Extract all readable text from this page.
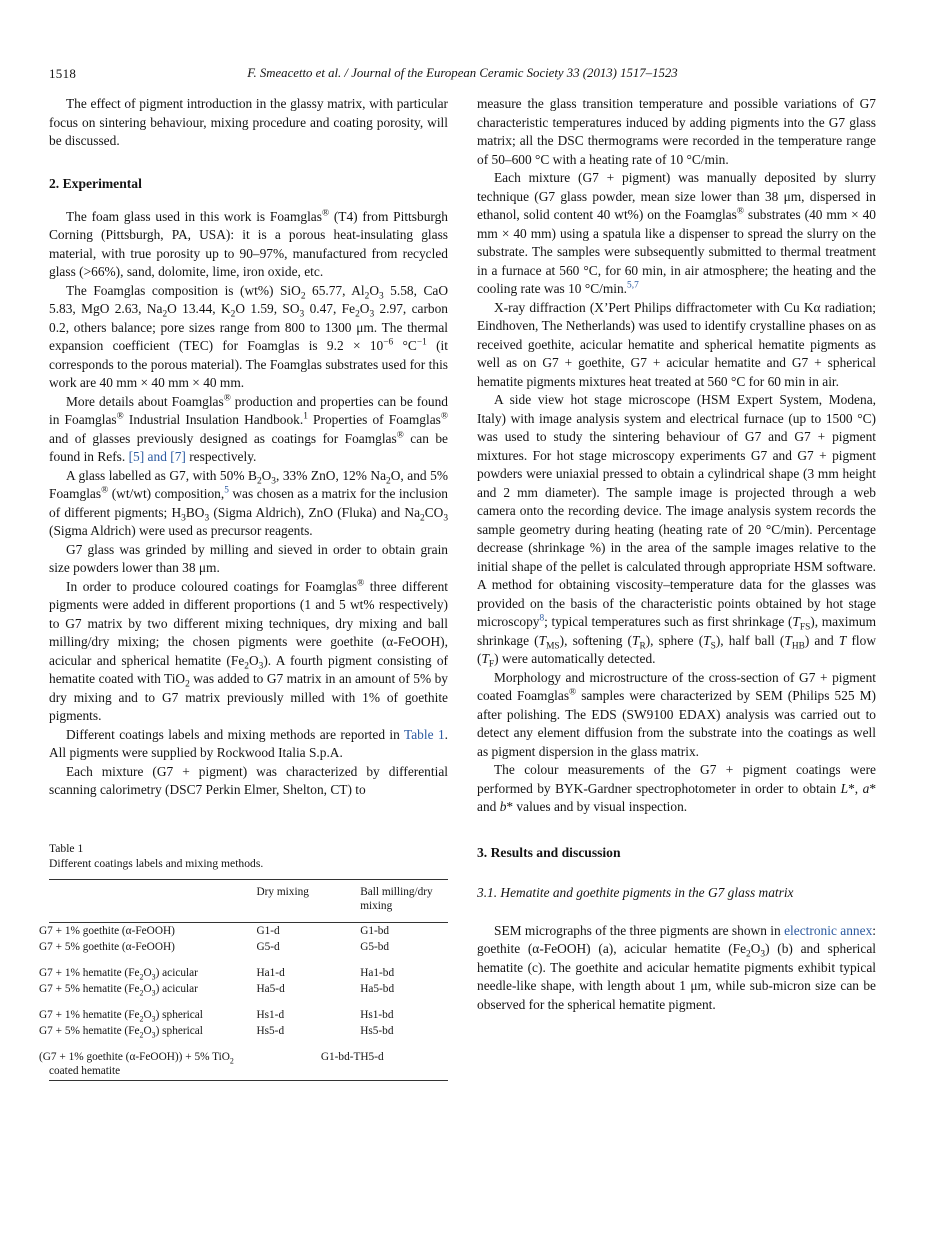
1518	F. Smeacetto et al. / Journal of the European Ceramic Society 33 (2013) 1517–1523

The effect of pigment introduction in the glassy matrix, with particular focus on sintering behaviour, mixing procedure and coating porosity, will be discussed.

2. Experimental

The foam glass used in this work is Foamglas® (T4) from Pittsburgh Corning (Pittsburgh, PA, USA): it is a porous heat-insulating glass material, with true porosity up to 90–97%, manufactured from recycled glass (>66%), sand, dolomite, lime, iron oxide, etc.

The Foamglas composition is (wt%) SiO$_2$ 65.77, $Al_2O_3$ 5.58, CaO 5.83, MgO 2.63, $Na_2O$ 13.44, $K_2O$ 1.59, $SO_3$ 0.47, $Fe_2O_3$ 2.97, carbon 0.2, others balance; pore sizes range from 800 to 1300 μm. The thermal expansion coefficient (TEC) for Foamglas is $9.2 \times 10^{-6}$ $^\circ C^{-1}$ (it corresponds to the porous material). The Foamglas substrates used for this work are 40 mm × 40 mm × 40 mm.

More details about Foamglas® production and properties can be found in Foamglas® Industrial Insulation Handbook.$^1$ Properties of Foamglas® and of glasses previously designed as coatings for Foamglas® can be found in Refs. [5] and [7] respectively.

A glass labelled as G7, with 50% $B_2O_3$, 33% ZnO, 12% $Na_2O$, and 5% Foamglas® (wt/wt) composition,$^5$ was chosen as a matrix for the inclusion of different pigments; $H_3BO_3$ (Sigma Aldrich), ZnO (Fluka) and $Na_2CO_3$ (Sigma Aldrich) were used as precursor reagents.

G7 glass was grinded by milling and sieved in order to obtain grain size powders lower than 38 μm.

In order to produce coloured coatings for Foamglas® three different pigments were added in different proportions (1 and 5 wt% respectively) to G7 matrix by two different mixing techniques, dry mixing and ball milling/dry mixing; the chosen pigments were goethite (α-FeOOH), acicular and spherical hematite $(Fe_2O_3)$. A fourth pigment consisting of hematite coated with TiO$_2$ was added to G7 matrix in an amount of 5% by dry mixing and to G7 matrix previously milled with 1% of goethite pigments.

Different coatings labels and mixing methods are reported in Table 1. All pigments were supplied by Rockwood Italia S.p.A.

Each mixture (G7 + pigment) was characterized by differential scanning calorimetry (DSC7 Perkin Elmer, Shelton, CT) to

Table 1
Different coatings labels and mixing methods.
	Dry mixing	Ball milling/dry mixing
G7 + 1% goethite (α-FeOOH)	G1-d	G1-bd
G7 + 5% goethite (α-FeOOH)	G5-d	G5-bd
G7 + 1% hematite $(Fe_2O_3)$ acicular	Ha1-d	Ha1-bd
G7 + 5% hematite $(Fe_2O_3)$ acicular	Ha5-d	Ha5-bd
G7 + 1% hematite $(Fe_2O_3)$ spherical	Hs1-d	Hs1-bd
G7 + 5% hematite $(Fe_2O_3)$ spherical	Hs5-d	Hs5-bd
(G7 + 1% goethite (α-FeOOH)) + 5% TiO$_2$ coated hematite	G1-bd-TH5-d	

measure the glass transition temperature and possible variations of G7 characteristic temperatures induced by adding pigments into the G7 glass matrix; all the DSC thermograms were recorded in the temperature range of 50–600 °C with a heating rate of 10 °C/min.

Each mixture (G7 + pigment) was manually deposited by slurry technique (G7 glass powder, mean size lower than 38 μm, dispersed in ethanol, solid content 40 wt%) on the Foamglas® substrates (40 mm × 40 mm × 40 mm) using a spatula like a dispenser to spread the slurry on the substrate. The samples were subsequently submitted to thermal treatment in a furnace at 560 °C, for 60 min, in air atmosphere; the heating and the cooling rate was 10 °C/min.$^{5,7}$

X-ray diffraction (X’Pert Philips diffractometer with Cu Kα radiation; Eindhoven, The Netherlands) was used to identify crystalline phases on as received goethite, acicular hematite and spherical hematite pigments as well as on G7 + goethite, G7 + acicular hematite and G7 + spherical hematite pigments mixtures heat treated at 560 °C for 60 min in air.

A side view hot stage microscope (HSM Expert System, Modena, Italy) with image analysis system and electrical furnace (up to 1500 °C) was used to study the sintering behaviour of G7 and G7 + pigment mixtures. For hot stage microscopy experiments G7 and G7 + pigment powders were uniaxial pressed to obtain a cylindrical shape (3 mm height and 2 mm diameter). The sample image is projected through a web camera onto the recording device. The image analysis system records the sample geometry during heating (heating rate of 20 °C/min). Percentage decrease (shrinkage %) in the area of the sample images relative to the initial shape of the pellet is calculated through appropriate HSM software. A method for obtaining viscosity–temperature data for the glasses was provided on the basis of the characteristic points obtained by hot stage microscopy$^8$; typical temperatures such as first shrinkage $(T_{FS})$, maximum shrinkage $(T_{MS})$, softening $(T_R)$, sphere $(T_S)$, half ball $(T_{HB})$ and T flow $(T_F)$ were automatically detected.

Morphology and microstructure of the cross-section of G7 + pigment coated Foamglas® samples were characterized by SEM (Philips 525 M) after polishing. The EDS (SW9100 EDAX) analysis was carried out to detect any element diffusion from the substrate into the coatings as well as pigment dispersion in the glass matrix.

The colour measurements of the G7 + pigment coatings were performed by BYK-Gardner spectrophotometer in order to obtain L*, a* and b* values and by visual inspection.

3. Results and discussion
3.1. Hematite and goethite pigments in the G7 glass matrix

SEM micrographs of the three pigments are shown in electronic annex: goethite (α-FeOOH) (a), acicular hematite $(Fe_2O_3)$ (b) and spherical hematite (c). The goethite and acicular hematite pigments exhibit typical needle-like shape, with length about 1 μm, while sub-micron size can be observed for the spherical hematite pigment.
